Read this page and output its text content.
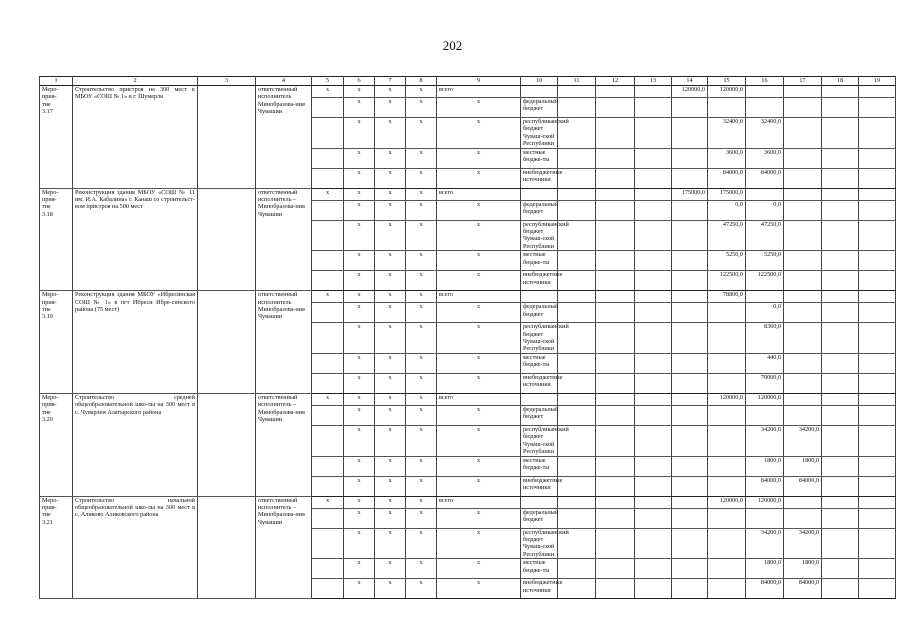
202
1	2	3	4	5	6	7	8	9	10	11	12	13	14	15	16	17	18	19	
Меро-
прия-
тие
3.17	Строительство пристроя на 300 мест к МБОУ «СОШ № 1» в г. Шумерля		ответственный исполнитель Минобразова-ния Чувашии	x	x	x	x	всего					120000,0	120000,0					
					x	x	x	x	федеральный бюджет										
					x	x	x	x	республиканский бюджет Чуваш-ской Республики					32400,0	32400,0				
					x	x	x	x	местные бюдже-ты					3600,0	3600,0				
					x	x	x	x	внебюджетные источники					84000,0	84000,0				
Меро-
прия-
тие
3.18	Реконструкция здания МБОУ «СОШ № 11 им. И.А. Кабалина» г. Канаш со строительст-вом пристроя на 500 мест		ответственный исполнитель – Минобразова-ния Чувашии	x	x	x	x	всего					175000,0	175000,0					
					x	x	x	x	федеральный бюджет					0,0	0,0				
					x	x	x	x	республиканский бюджет Чуваш-ской Республики					47250,0	47250,0				
					x	x	x	x	местные бюдже-ты					5250,0	5250,0				
					x	x	x	x	внебюджетные источники					122500,0	122500,0				
Меро-
прия-
тие
3.19	Реконструкция здания МБОУ «Ибресинская СОШ № 1» в пгт Ибреси Ибре-синского района (75 мест)		ответственный исполнитель Минобразова-ния Чувашии	x	x	x	x	всего						78800,0					
					x	x	x	x	федеральный бюджет						0,0				
					x	x	x	x	республиканский бюджет Чуваш-ской Республики						8360,0				
					x	x	x	x	местные бюдже-ты						440,0				
					x	x	x	x	внебюджетные источники						70000,0				
Меро-
прия-
тие
3.20	Строительство средней общеобразовательной шко-лы на 300 мест в с. Чуварлеи Алатырского района		ответственный исполнитель – Минобразова-ния Чувашии	x	x	x	x	всего						120000,0	120000,0				
					x	x	x	x	федеральный бюджет										
					x	x	x	x	республиканский бюджет Чуваш-ской Республики						34200,0	34200,0			
					x	x	x	x	местные бюдже-ты						1800,0	1800,0			
					x	x	x	x	внебюджетные источники						84000,0	84000,0			
Меро-
прия-
тие
3.21	Строительство начальной общеобразовательной шко-лы на 300 мест в с. Аликово Аликовского района		ответственный исполнитель – Минобразова-ния Чувашии	x	x	x	x	всего						120000,0	120000,0				
					x	x	x	x	федеральный бюджет										
					x	x	x	x	республиканский бюджет Чуваш-ской Республики						34200,0	34200,0			
					x	x	x	x	местные бюдже-ты						1800,0	1800,0			
					x	x	x	x	внебюджетные источники						84000,0	84000,0			
